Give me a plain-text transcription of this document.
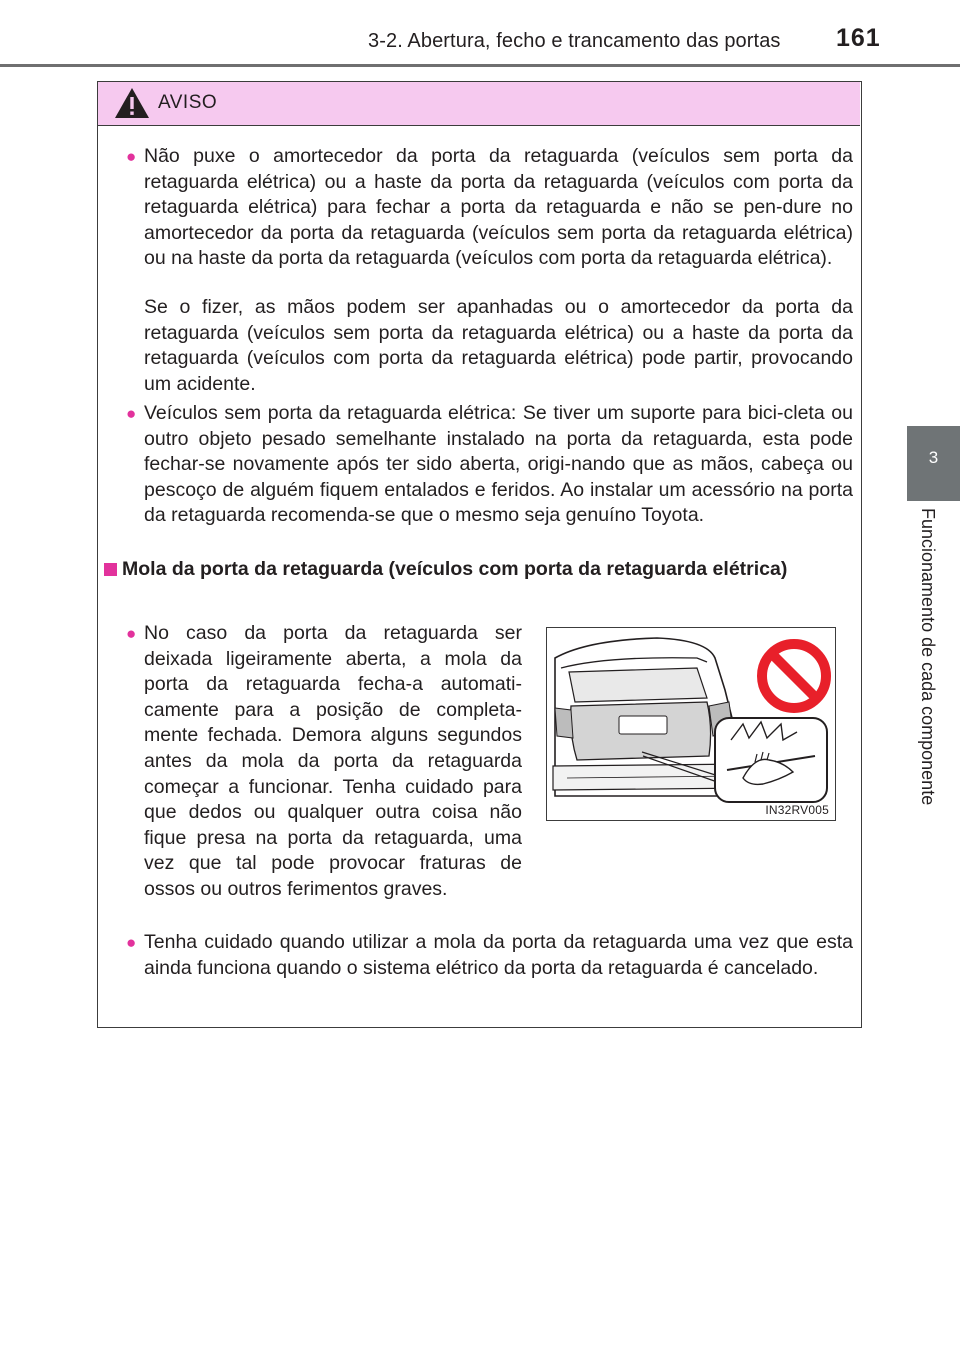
3-2. Abertura, fecho e trancamento das portas 161
3
Funcionamento de cada componente
AVISO
● Não puxe o amortecedor da porta da retaguarda (veículos sem porta da retaguarda elétrica) ou a haste da porta da retaguarda (veículos com porta da retaguarda elétrica) para fechar a porta da retaguarda e não se pen-dure no amortecedor da porta da retaguarda (veículos sem porta da retaguarda elétrica) ou na haste da porta da retaguarda (veículos com porta da retaguarda elétrica).
Se o fizer, as mãos podem ser apanhadas ou o amortecedor da porta da retaguarda (veículos sem porta da retaguarda elétrica) ou a haste da porta da retaguarda (veículos com porta da retaguarda elétrica) pode partir, provocando um acidente.
● Veículos sem porta da retaguarda elétrica: Se tiver um suporte para bici-cleta ou outro objeto pesado semelhante instalado na porta da retaguarda, esta pode fechar-se novamente após ter sido aberta, origi-nando que as mãos, cabeça ou pescoço de alguém fiquem entalados e feridos. Ao instalar um acessório na porta da retaguarda recomenda-se que o mesmo seja genuíno Toyota.
Mola da porta da retaguarda (veículos com porta da retaguarda elétrica)
● No caso da porta da retaguarda ser deixada ligeiramente aberta, a mola da porta da retaguarda fecha-a automati-camente para a posição de completa-mente fechada. Demora alguns segundos antes da mola da porta da retaguarda começar a funcionar. Tenha cuidado para que dedos ou qualquer outra coisa não fique presa na porta da retaguarda, uma vez que tal pode provocar fraturas de ossos ou outros ferimentos graves.
IN32RV005
● Tenha cuidado quando utilizar a mola da porta da retaguarda uma vez que esta ainda funciona quando o sistema elétrico da porta da retaguarda é cancelado.
